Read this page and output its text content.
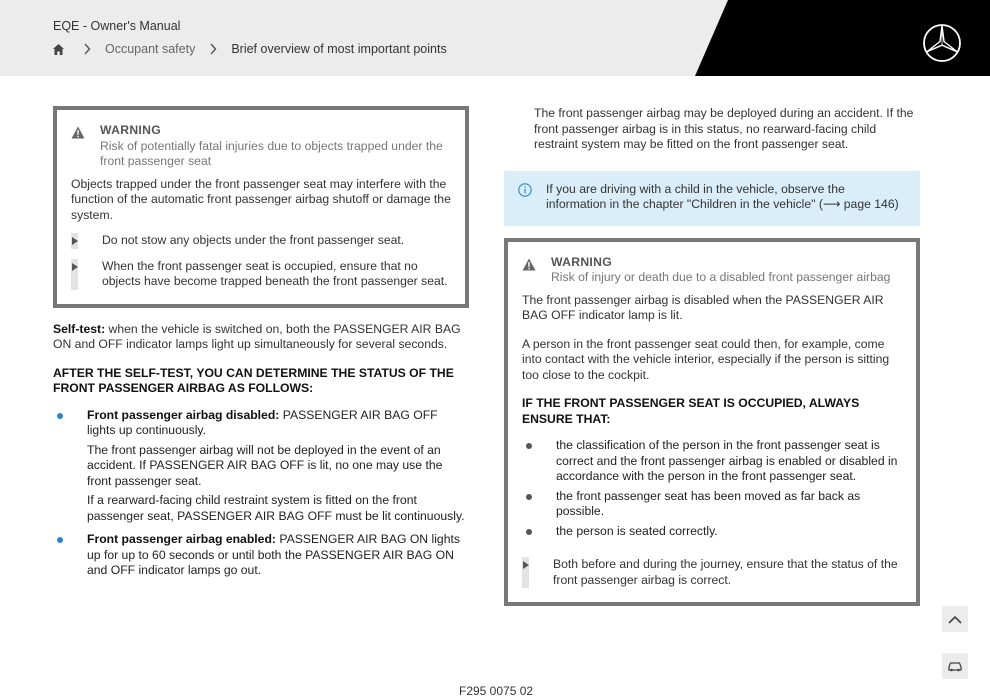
EQE - Owner's Manual
Occupant safety	Brief overview of most important points
WARNING
Risk of potentially fatal injuries due to objects trapped under the front passenger seat
Objects trapped under the front passenger seat may interfere with the function of the automatic front passenger airbag shutoff or damage the system.
Do not stow any objects under the front passenger seat.
When the front passenger seat is occupied, ensure that no objects have become trapped beneath the front passenger seat.
Self-test: when the vehicle is switched on, both the PASSENGER AIR BAG ON and OFF indicator lamps light up simultaneously for several seconds.
AFTER THE SELF-TEST, YOU CAN DETERMINE THE STATUS OF THE FRONT PASSENGER AIRBAG AS FOLLOWS:

Front passenger airbag disabled: PASSENGER AIR BAG OFF lights up continuously.

The front passenger airbag will not be deployed in the event of an accident. If PASSENGER AIR BAG OFF is lit, no one may use the front passenger seat.

If a rearward-facing child restraint system is fitted on the front passenger seat, PASSENGER AIR BAG OFF must be lit continuously.

Front passenger airbag enabled: PASSENGER AIR BAG ON lights up for up to 60 seconds or until both the PASSENGER AIR BAG ON and OFF indicator lamps go out.

The front passenger airbag may be deployed during an accident. If the front passenger airbag is in this status, no rearward-facing child restraint system may be fitted on the front passenger seat.
If you are driving with a child in the vehicle, observe the information in the chapter "Children in the vehicle" (⟶ page 146)
WARNING
Risk of injury or death due to a disabled front passenger airbag
The front passenger airbag is disabled when the PASSENGER AIR BAG OFF indicator lamp is lit.
A person in the front passenger seat could then, for example, come into contact with the vehicle interior, especially if the person is sitting too close to the cockpit.
IF THE FRONT PASSENGER SEAT IS OCCUPIED, ALWAYS ENSURE THAT:
the classification of the person in the front passenger seat is correct and the front passenger airbag is enabled or disabled in accordance with the person in the front passenger seat.
the front passenger seat has been moved as far back as possible.
the person is seated correctly.
Both before and during the journey, ensure that the status of the front passenger airbag is correct.
F295 0075 02
